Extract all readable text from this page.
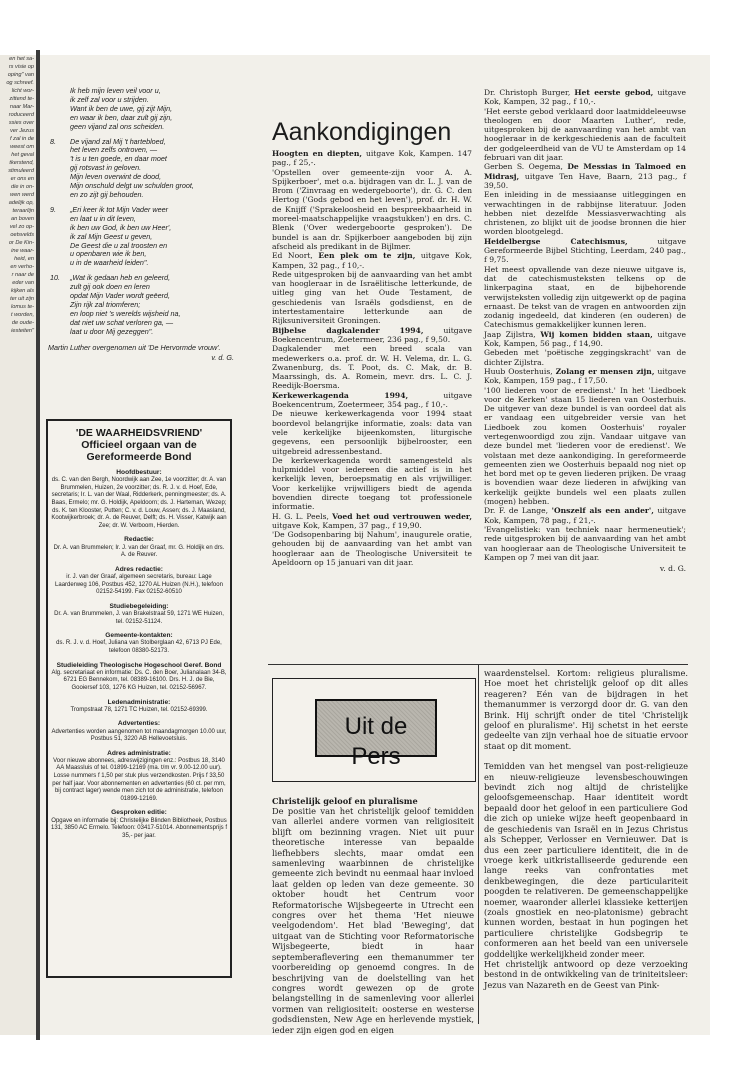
en het sa-
rs visie op
oping" van
og schreef.
licht wor-
zittend te-
naar Mar-
roduceerd
ssies over
ver Jezus
f zal in de
weest om
het geval
tkerstend,
stimuleerd
er ons en
die in on-
wen werd
adelijk op,
teraarlijn
an boven
vel zo op-
oetsvelds
or De Kin-
ine waar-
heid, en
en verho-
r naar de
eder van
kijken als
ter uit zijn
lomus te-
t worden,
de oude-
iesteiten"
Ik heb mijn leven veil voor u,
ik zelf zal voor u strijden.
Want ik ben de uwe, gij zijt Mijn,
en waar ik ben, daar zult gij zijn,
geen vijand zal ons scheiden.
8. De vijand zal Mij 't hartebloed,
het leven zelfs ontroven, —
't is u ten goede, en daar moet
gij rotsvast in geloven.
Mijn leven overwint de dood,
Mijn onschuld delgt uw schulden groot,
en zo zijt gij behouden.
9. „Eri keer ik tot Mijn Vader weer
en laat u in dit leven,
ik ben uw God, ik ben uw Heer',
ik zal Mijn Geest u geven,
De Geest die u zal troosten en
u openbaren wie ik ben,
u in de waarheid leiden".
10. „Wat ik gedaan heb en geleerd,
zult gij ook doen en leren
opdat Mijn Vader wordt geëerd,
Zijn rijk zal triomferen;
en loop niet 's werelds wijsheid na,
dat niet uw schat verloren ga, —
laat u door Mij gezeggen".
Martin Luther overgenomen uit 'De Hervormde vrouw'.
v. d. G.
'DE WAARHEIDSVRIEND'
Officieel orgaan van de Gereformeerde Bond
Hoofdbestuur:
ds. C. van den Bergh, Noordwijk aan Zee, 1e voorzitter; dr. A. van Brummelen, Huizen, 2e voorzitter; ds. R. J. v. d. Hoef, Ede, secretaris; Ir. L. van der Waal, Ridderkerk, penningmeester; ds. A. Baas, Ermelo; mr. G. Holdijk, Apeldoorn; ds. J. Harteman, Wezep; ds. K. ten Klooster, Putten; C. v. d. Louw, Assen; ds. J. Maasland, Kootwijkerbroek; dr. A. de Reuver, Delft; ds. H. Visser, Katwijk aan Zee; dr. W. Verboom, Hierden.
Redactie:
Dr. A. van Brummelen; Ir. J. van der Graaf, mr. G. Holdijk en drs. A. de Reuver.
Adres redactie:
ir. J. van der Graaf, algemeen secretaris, bureau: Lage Laarderweg 106, Postbus 452, 1270 AL Huizen (N.H.), telefoon 02152-54199. Fax 02152-60510
Studiebegeleiding:
Dr. A. van Brummelen, J. van Brakelstraat 59, 1271 WE Huizen, tel. 02152-51124.
Gemeente-kontakten:
ds. R. J. v. d. Hoef, Juliana van Stolberglaan 42, 6713 PJ Ede, telefoon 08380-52173.
Studieleiding Theologische Hogeschool Geref. Bond
Alg. secretariaat en informatie: Ds. C. den Boer, Julianalaan 34-B, 6721 EG Bennekom, tel. 08389-16100. Drs. H. J. de Bie, Gooiersef 103, 1276 KG Huizen, tel. 02152-56967.
Ledenadministratie:
Trompstraat 78, 1271 TC Huizen, tel. 02152-69399.
Advertenties:
Advertenties worden aangenomen tot maandagmorgen 10.00 uur, Postbus 51, 3220 AB Hellevoetsluis.
Adres administratie:
Voor nieuwe abonnees, adreswijzigingen enz.: Postbus 18, 3140 AA Maassluis of tel. 01899-12169 (ma. t/m vr. 9.00-12.00 uur). Losse nummers f 1,50 per stuk plus verzendkosten. Prijs f 33,50 per half jaar. Voor abonnementen en advertenties (60 ct. per mm, bij contract lager) wende men zich tot de administratie, telefoon 01899-12169.
Gesproken editie:
Opgave en informatie bij: Christelijke Blinden Bibliotheek, Postbus 131, 3850 AC Ermelo. Telefoon: 03417-51014. Abonnementsprijs f 35,- per jaar.
Aankondigingen

Hoogten en diepten, uitgave Kok, Kampen. 147 pag., f 25,-.

'Opstellen over gemeente-zijn voor A. A. Spijkerboer', met o.a. bijdragen van dr. L. J. van de Brom ('Zinvraag en wedergeboorte'), dr. G. C. den Hertog ('Gods gebod en het leven'), prof. dr. H. W. de Knijff ('Sprakeloosheid en bespreekbaarheid in moreel-maatschappelijke vraagstukken') en drs. C. Blenk ('Over wedergeboorte gesproken'). De bundel is aan dr. Spijkerboer aangeboden bij zijn afscheid als predikant in de Bijlmer.

Ed Noort, Een plek om te zijn, uitgave Kok, Kampen, 32 pag., f 10,-.

Rede uitgesproken bij de aanvaarding van het ambt van hoogleraar in de Israëlitische letterkunde, de uitleg ging van het Oude Testament, de geschiedenis van Israëls godsdienst, en de intertestamentaire letterkunde aan de Rijksuniversiteit Groningen.

Bijbelse dagkalender 1994, uitgave Boekencentrum, Zoetermeer, 236 pag., f 9,50.

Dagkalender met een breed scala van medewerkers o.a. prof. dr. W. H. Velema, dr. L. G. Zwanenburg, ds. T. Poot, ds. C. Mak, dr. B. Maarssingh, ds. A. Romein, mevr. drs. L. C. J. Reedijk-Boersma.

Kerkewerkagenda 1994, uitgave Boekencentrum, Zoetermeer, 354 pag., f 10,-.

De nieuwe kerkewerkagenda voor 1994 staat boordevol belangrijke informatie, zoals: data van vele kerkelijke bijeenkomsten, liturgische gegevens, een persoonlijk bijbelrooster, een uitgebreid adressenbestand.

De kerkewerkagenda wordt samengesteld als hulpmiddel voor iedereen die actief is in het kerkelijk leven, beroepsmatig en als vrijwilliger. Voor kerkelijke vrijwilligers biedt de agenda bovendien directe toegang tot professionele informatie.

H. G. L. Peels, Voed het oud vertrouwen weder, uitgave Kok, Kampen, 37 pag., f 19,90.

'De Godsopenbaring bij Nahum', inaugurele oratie, gehouden bij de aanvaarding van het ambt van hoogleraar aan de Theologische Universiteit te Apeldoorn op 15 januari van dit jaar.

Dr. Christoph Burger, Het eerste gebod, uitgave Kok, Kampen, 32 pag., f 10,-.

'Het eerste gebod verklaard door laatmiddeleeuwse theologen en door Maarten Luther', rede, uitgesproken bij de aanvaarding van het ambt van hoogleraar in de kerkgeschiedenis aan de faculteit der godgeleerdheid van de VU te Amsterdam op 14 februari van dit jaar.

Gerben S. Oegema, De Messias in Talmoed en Midrasj, uitgave Ten Have, Baarn, 213 pag., f 39,50.

Een inleiding in de messiaanse uitleggingen en verwachtingen in de rabbijnse literatuur. Joden hebben niet dezelfde Messiasverwachting als christenen, zo blijkt uit de joodse bronnen die hier worden blootgelegd.

Heidelbergse Catechismus, uitgave Gereformeerde Bijbel Stichting, Leerdam, 240 pag., f 9,75.

Het meest opvallende van deze nieuwe uitgave is, dat de catechismusteksten telkens op de linkerpagina staat, en de bijbehorende verwijsteksten volledig zijn uitgewerkt op de pagina ernaast. De tekst van de vragen en antwoorden zijn zodanig ingedeeld, dat kinderen (en ouderen) de Catechismus gemakkelijker kunnen leren.

Jaap Zijlstra, Wij komen bidden staan, uitgave Kok, Kampen, 56 pag., f 14,90.

Gebeden met 'poëtische zeggingskracht' van de dichter Zijlstra.

Huub Oosterhuis, Zolang er mensen zijn, uitgave Kok, Kampen, 159 pag., f 17,50.

'100 liederen voor de eredienst.' In het 'Liedboek voor de Kerken' staan 15 liederen van Oosterhuis. De uitgever van deze bundel is van oordeel dat als er vandaag een uitgebreider versie van het Liedboek zou komen Oosterhuis' royaler vertegenwoordigd zou zijn. Vandaar uitgave van deze bundel met 'liederen voor de eredienst'. We volstaan met deze aankondiging. In gereformeerde gemeenten zien we Oosterhuis bepaald nog niet op het bord met op te geven liederen prijken. De vraag is bovendien waar deze liederen in afwijking van kerkelijk geijkte bundels wel een plaats zullen (mogen) hebben.

Dr. F. de Lange, 'Onszelf als een ander', uitgave Kok, Kampen, 78 pag., f 21,-.

'Evangelistiek: van techniek naar hermeneutiek'; rede uitgesproken bij de aanvaarding van het ambt van hoogleraar aan de Theologische Universiteit te Kampen op 7 mei van dit jaar.

v. d. G.
Uit de Pers
Christelijk geloof en pluralisme
De positie van het christelijk geloof temidden van allerlei andere vormen van religiositeit blijft om bezinning vragen. Niet uit puur theoretische interesse van bepaalde liefhebbers slechts, maar omdat een samenleving waarbinnen de christelijke gemeente zich bevindt nu eenmaal haar invloed laat gelden op leden van deze gemeente. 30 oktober houdt het Centrum voor Reformatorische Wijsbegeerte in Utrecht een congres over het thema 'Het nieuwe veelgodendom'. Het blad 'Beweging', dat uitgaat van de Stichting voor Reformatorische Wijsbegeerte, biedt in haar septemberaflevering een themanummer ter voorbereiding op genoemd congres. In de beschrijving van de doelstelling van het congres wordt gewezen op de grote belangstelling in de samenleving voor allerlei vormen van religiositeit: oosterse en westerse godsdiensten, New Age en herlevende mystiek, ieder zijn eigen god en eigen
waardenstelsel. Kortom: religieus pluralisme. Hoe moet het christelijk geloof op dit alles reageren? Eén van de bijdragen in het themanummer is verzorgd door dr. G. van den Brink. Hij schrijft onder de titel 'Christelijk geloof en pluralisme'. Hij schetst in het eerste gedeelte van zijn verhaal hoe de situatie ervoor staat op dit moment.
Temidden van het mengsel van post-religieuze en nieuw-religieuze levensbeschouwingen bevindt zich nog altijd de christelijke geloofsgemeenschap. Haar identiteit wordt bepaald door het geloof in een particuliere God die zich op unieke wijze heeft geopenbaard in de geschiedenis van Israël en in Jezus Christus als Schepper, Verlosser en Vernieuwer. Dat is dus een zeer particuliere identiteit, die in de vroege kerk uitkristalliseerde gedurende een lange reeks van confrontaties met denkbewegingen, die deze particulariteit poogden te relativeren. De gemeenschappelijke noemer, waaronder allerlei klassieke ketterijen (zoals gnostiek en neo-platonisme) gebracht kunnen worden, bestaat in hun pogingen het particuliere christelijke Godsbegrip te conformeren aan het beeld van een universele goddelijke werkelijkheid zonder meer.
Het christelijk antwoord op deze verzoeking bestond in de ontwikkeling van de triniteitsleer: Jezus van Nazareth en de Geest van Pink-
